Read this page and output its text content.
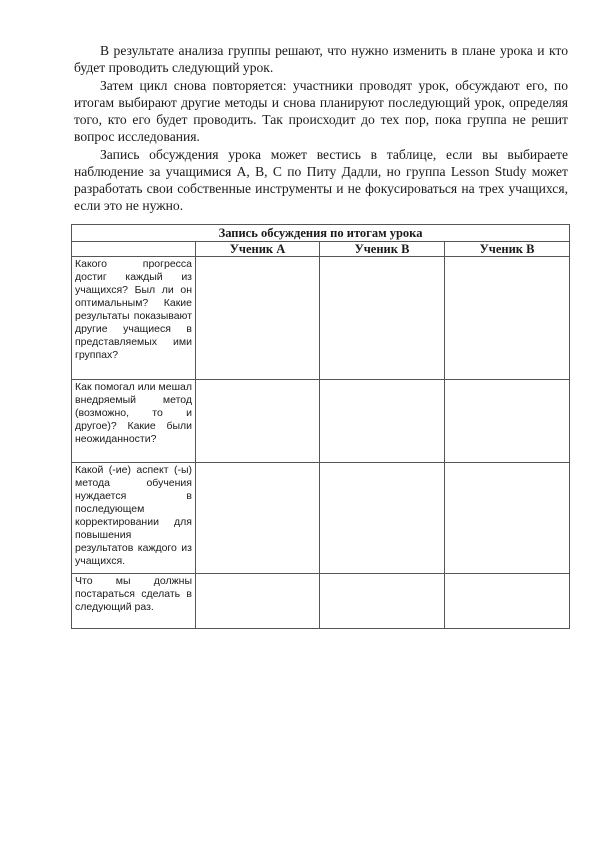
В результате анализа группы решают, что нужно изменить в плане урока и кто будет проводить следующий урок.

Затем цикл снова повторяется: участники проводят урок, обсуждают его, по итогам выбирают другие методы и снова планируют последующий урок, определяя того, кто его будет проводить. Так происходит до тех пор, пока группа не решит вопрос исследования.

Запись обсуждения урока может вестись в таблице, если вы выбираете наблюдение за учащимися A, B, C по Питу Дадли, но группа Lesson Study может разработать свои собственные инструменты и не фокусироваться на трех учащихся, если это не нужно.

Запись обсуждения по итогам урока			
	Ученик А	Ученик В	Ученик В
Какого прогресса достиг каждый из учащихся? Был ли он оптимальным? Какие результаты показывают другие учащиеся в представляемых ими группах?			
Как помогал или мешал внедряемый метод (возможно, то и другое)? Какие были неожиданности?			
Какой (-ие) аспект (-ы) метода обучения нуждается в последующем корректировании для повышения результатов каждого из учащихся.			
Что мы должны постараться сделать в следующий раз.			
